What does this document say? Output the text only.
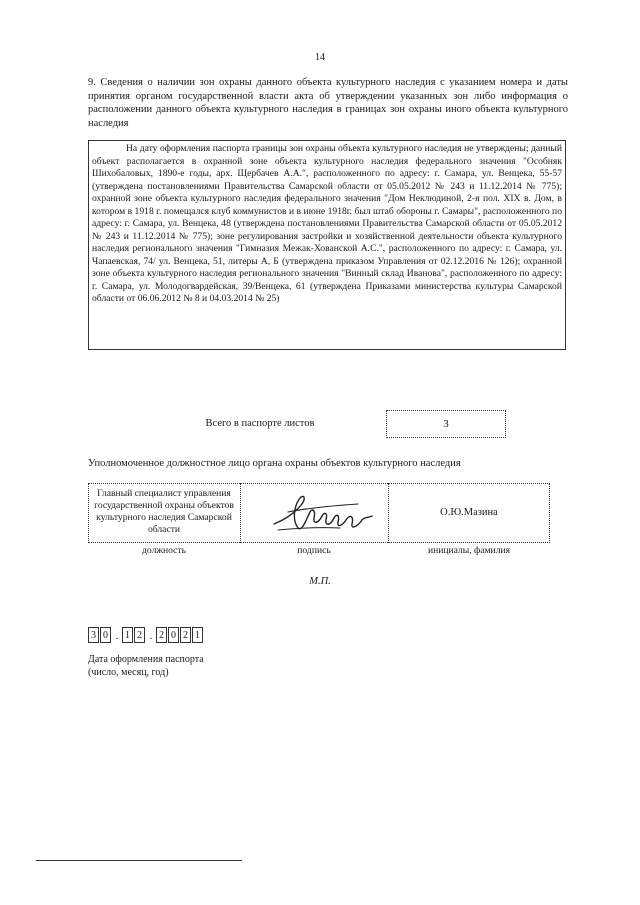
14
9. Сведения о наличии зон охраны данного объекта культурного наследия с указанием номера и даты принятия органом государственной власти акта об утверждении указанных зон либо информация о расположении данного объекта культурного наследия в границах зон охраны иного объекта культурного наследия
На дату оформления паспорта границы зон охраны объекта культурного наследия не утверждены; данный объект располагается в охранной зоне объекта культурного наследия федерального значения "Особняк Шихобаловых, 1890-е годы, арх. Щербачев А.А.", расположенного по адресу: г. Самара, ул. Венцека, 55-57 (утверждена постановлениями Правительства Самарской области от 05.05.2012 № 243 и 11.12.2014 № 775); охранной зоне объекта культурного наследия федерального значения "Дом Неклюдиной, 2-я пол. XIX в. Дом, в котором в 1918 г. помещался клуб коммунистов и в июне 1918г. был штаб обороны г. Самары", расположенного по адресу: г. Самара, ул. Венцека, 48 (утверждена постановлениями Правительства Самарской области от 05.05.2012 № 243 и 11.12.2014 № 775); зоне регулирования застройки и хозяйственной деятельности объекта культурного наследия регионального значения "Гимназия Межак-Хованской А.С.", расположенного по адресу: г. Самара, ул. Чапаевская, 74/ ул. Венцека, 51, литеры А, Б (утверждена приказом Управления от 02.12.2016 № 126); охранной зоне объекта культурного наследия регионального значения "Винный склад Иванова", расположенного по адресу: г. Самара, ул. Молодогвардейская, 39/Венцека, 61 (утверждена Приказами министерства культуры Самарской области от 06.06.2012 № 8 и 04.03.2014 № 25)
Всего в паспорте листов	3
Уполномоченное должностное лицо органа охраны объектов культурного наследия
Главный специалист управления государственной охраны объектов культурного наследия Самарской области
О.Ю.Мазина
должность	подпись	инициалы, фамилия
М.П.
3 0 . 1 2 . 2 0 2 1
Дата оформления паспорта
(число, месяц, год)
